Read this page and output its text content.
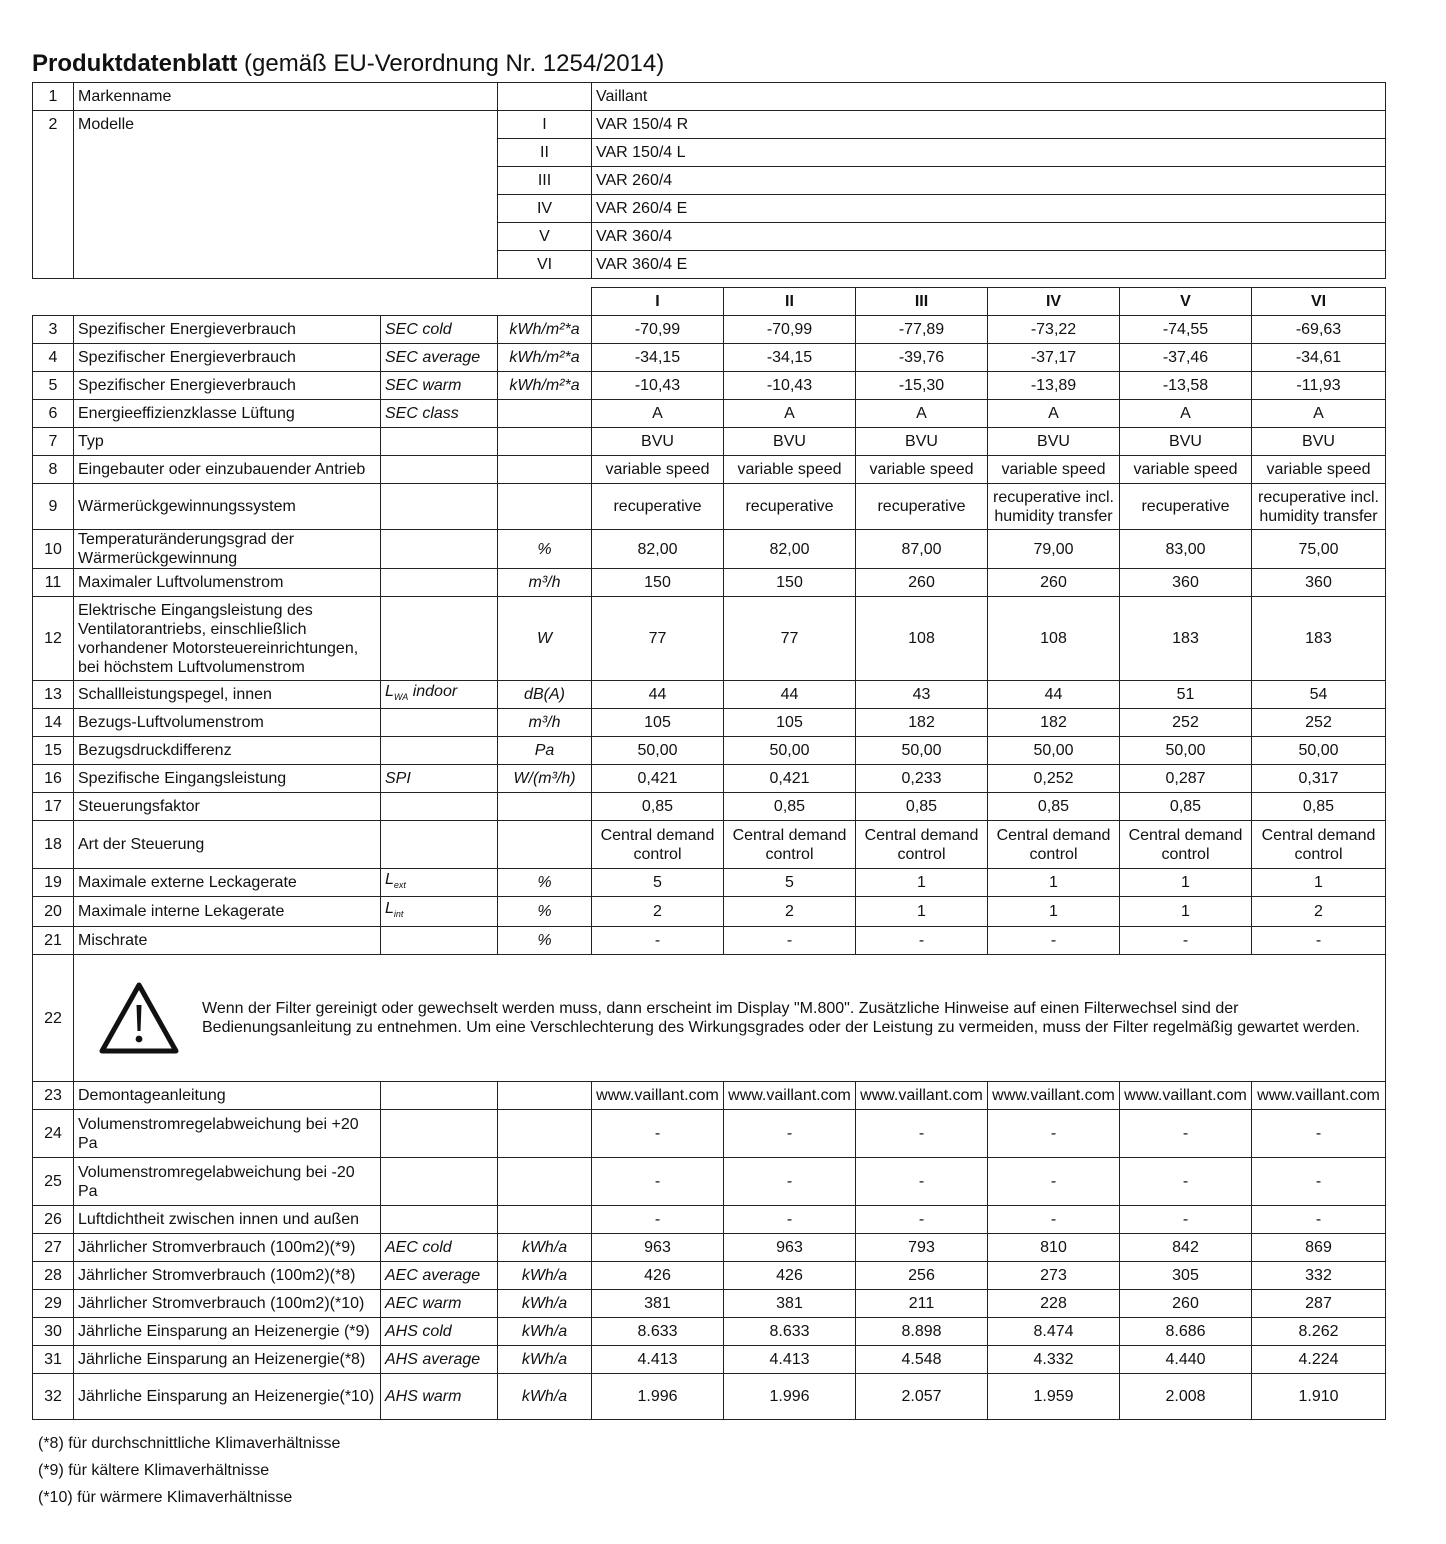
Produktdatenblatt (gemäß EU-Verordnung Nr. 1254/2014)
1	Markenname		Vaillant
2	Modelle	I	VAR 150/4 R
		II	VAR 150/4 L
		III	VAR 260/4
		IV	VAR 260/4 E
		V	VAR 360/4
		VI	VAR 360/4 E
				I	II	III	IV	V	VI
3	Spezifischer Energieverbrauch	SEC cold	kWh/m²*a	-70,99	-70,99	-77,89	-73,22	-74,55	-69,63
4	Spezifischer Energieverbrauch	SEC average	kWh/m²*a	-34,15	-34,15	-39,76	-37,17	-37,46	-34,61
5	Spezifischer Energieverbrauch	SEC warm	kWh/m²*a	-10,43	-10,43	-15,30	-13,89	-13,58	-11,93
6	Energieeffizienzklasse Lüftung	SEC class		A	A	A	A	A	A
7	Typ			BVU	BVU	BVU	BVU	BVU	BVU
8	Eingebauter oder einzubauender Antrieb			variable speed	variable speed	variable speed	variable speed	variable speed	variable speed
9	Wärmerückgewinnungssystem			recuperative	recuperative	recuperative	recuperative incl. humidity transfer	recuperative	recuperative incl. humidity transfer
10	Temperaturänderungsgrad der Wärmerückgewinnung		%	82,00	82,00	87,00	79,00	83,00	75,00
11	Maximaler Luftvolumenstrom		m³/h	150	150	260	260	360	360
12	Elektrische Eingangsleistung des Ventilatorantriebs, einschließlich vorhandener Motorsteuereinrichtungen, bei höchstem Luftvolumenstrom		W	77	77	108	108	183	183
13	Schallleistungspegel, innen	$L_{WA}$ indoor	dB(A)	44	44	43	44	51	54
14	Bezugs-Luftvolumenstrom		m³/h	105	105	182	182	252	252
15	Bezugsdruckdifferenz		Pa	50,00	50,00	50,00	50,00	50,00	50,00
16	Spezifische Eingangsleistung	SPI	W/(m³/h)	0,421	0,421	0,233	0,252	0,287	0,317
17	Steuerungsfaktor			0,85	0,85	0,85	0,85	0,85	0,85
18	Art der Steuerung			Central demand control	Central demand control	Central demand control	Central demand control	Central demand control	Central demand control
19	Maximale externe Leckagerate	$L_{ext}$	%	5	5	1	1	1	1
20	Maximale interne Lekagerate	$L_{int}$	%	2	2	1	1	1	2
21	Mischrate		%	-	-	-	-	-	-
22	Wenn der Filter gereinigt oder gewechselt werden muss, dann erscheint im Display "M.800". Zusätzliche Hinweise auf einen Filterwechsel sind der Bedienungsanleitung zu entnehmen. Um eine Verschlechterung des Wirkungsgrades oder der Leistung zu vermeiden, muss der Filter regelmäßig gewartet werden.								

23	Demontageanleitung			www.vaillant.com	www.vaillant.com	www.vaillant.com	www.vaillant.com	www.vaillant.com	www.vaillant.com
24	Volumenstromregelabweichung bei +20 Pa			-	-	-	-	-	-
25	Volumenstromregelabweichung bei -20 Pa			-	-	-	-	-	-
26	Luftdichtheit zwischen innen und außen			-	-	-	-	-	-
27	Jährlicher Stromverbrauch (100m2)(*9)	AEC cold	kWh/a	963	963	793	810	842	869
28	Jährlicher Stromverbrauch (100m2)(*8)	AEC average	kWh/a	426	426	256	273	305	332
29	Jährlicher Stromverbrauch (100m2)(*10)	AEC warm	kWh/a	381	381	211	228	260	287
30	Jährliche Einsparung an Heizenergie (*9)	AHS cold	kWh/a	8.633	8.633	8.898	8.474	8.686	8.262
31	Jährliche Einsparung an Heizenergie(*8)	AHS average	kWh/a	4.413	4.413	4.548	4.332	4.440	4.224
32	Jährliche Einsparung an Heizenergie(*10)	AHS warm	kWh/a	1.996	1.996	2.057	1.959	2.008	1.910
(*8) für durchschnittliche Klimaverhältnisse
(*9) für kältere Klimaverhältnisse
(*10) für wärmere Klimaverhältnisse
